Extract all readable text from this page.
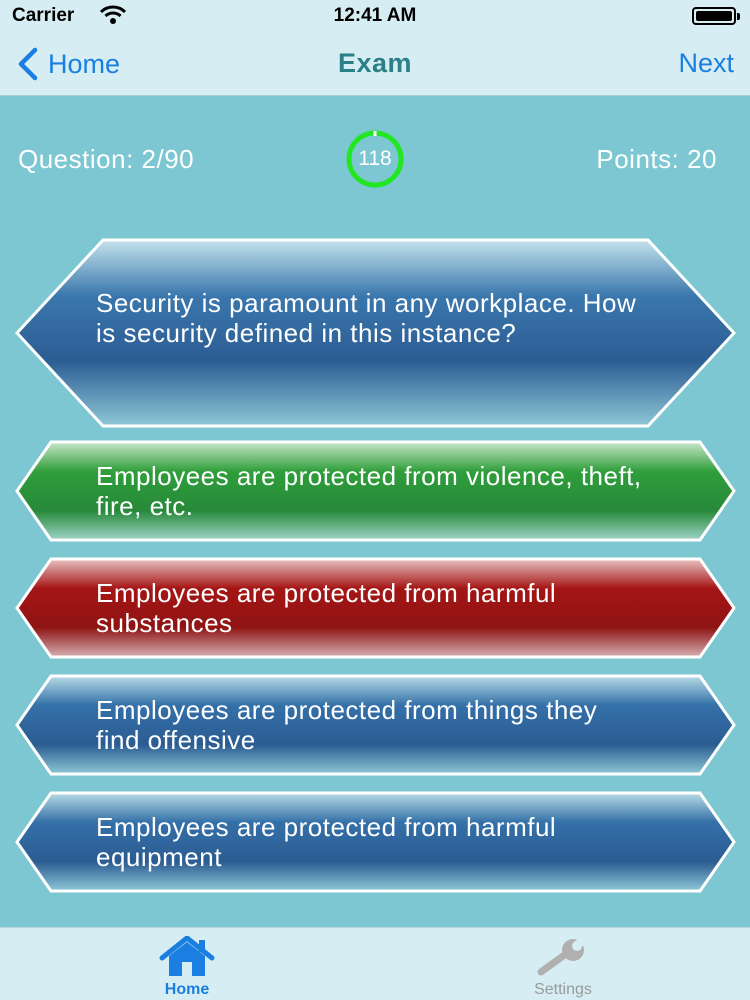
Carrier	12:41 AM
Home	Exam	Next
Question: 2/90	118	Points: 20
Security is paramount in any workplace. How is security defined in this instance?
Employees are protected from violence, theft, fire, etc.
Employees are protected from harmful substances
Employees are protected from things they find offensive
Employees are protected from harmful equipment
Home	Settings
